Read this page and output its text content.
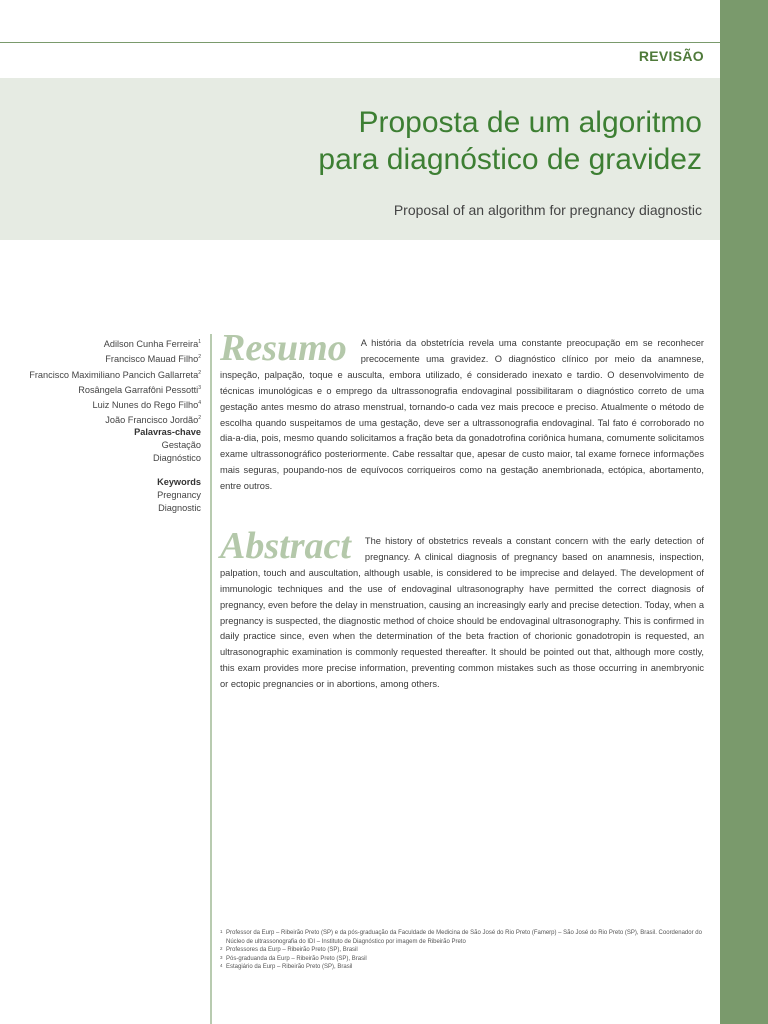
REVISÃO
Proposta de um algoritmo
para diagnóstico de gravidez

Proposal of an algorithm for pregnancy diagnostic

Adilson Cunha Ferreira$^1$
Francisco Mauad Filho$^2$
Francisco Maximiliano Pancich Gallarreta$^2$
Rosângela Garrafôni Pessotti$^3$
Luiz Nunes do Rego Filho$^4$
João Francisco Jordão$^2$
Palavras-chave
Gestação
Diagnóstico
Keywords
Pregnancy
Diagnostic
Resumo	A história da obstetrícia revela uma constante preocupação em se reconhecer precocemente uma gravidez. O diagnóstico clínico por meio da anamnese, inspeção, palpação, toque e ausculta, embora utilizado, é considerado inexato e tardio. O desenvolvimento de técnicas imunológicas e o emprego da ultrassonografia endovaginal possibilitaram o diagnóstico correto de uma gestação antes mesmo do atraso menstrual, tornando-o cada vez mais precoce e preciso. Atualmente o método de escolha quando suspeitamos de uma gestação, deve ser a ultrassonografia endovaginal. Tal fato é corroborado no dia-a-dia, pois, mesmo quando solicitamos a fração beta da gonadotrofina coriônica humana, comumente solicitamos exame ultrassonográfico posteriormente. Cabe ressaltar que, apesar de custo maior, tal exame fornece informações mais seguras, poupando-nos de equívocos corriqueiros como na gestação anembrionada, ectópica, abortamento, entre outros.

Abstract	The history of obstetrics reveals a constant concern with the early detection of pregnancy. A clinical diagnosis of pregnancy based on anamnesis, inspection, palpation, touch and auscultation, although usable, is considered to be imprecise and delayed. The development of immunologic techniques and the use of endovaginal ultrasonography have permitted the correct diagnosis of pregnancy, even before the delay in menstruation, causing an increasingly early and precise detection. Today, when a pregnancy is suspected, the diagnostic method of choice should be endovaginal ultrasonography. This is confirmed in daily practice since, even when the determination of the beta fraction of chorionic gonadotropin is requested, an ultrasonographic examination is commonly requested thereafter. It should be pointed out that, although more costly, this exam provides more precise information, preventing common mistakes such as those occurring in anembryonic or ectopic pregnancies or in abortions, among others.

1 Professor da Eurp – Ribeirão Preto (SP) e da pós-graduação da Faculdade de Medicina de São José do Rio Preto (Famerp) – São José do Rio Preto (SP), Brasil. Coordenador do Núcleo de ultrassonografia do IDI – Instituto de Diagnóstico por imagem de Ribeirão Preto
2 Professores da Eurp – Ribeirão Preto (SP), Brasil
3 Pós-graduanda da Eurp – Ribeirão Preto (SP), Brasil
4 Estagiário da Eurp – Ribeirão Preto (SP), Brasil
